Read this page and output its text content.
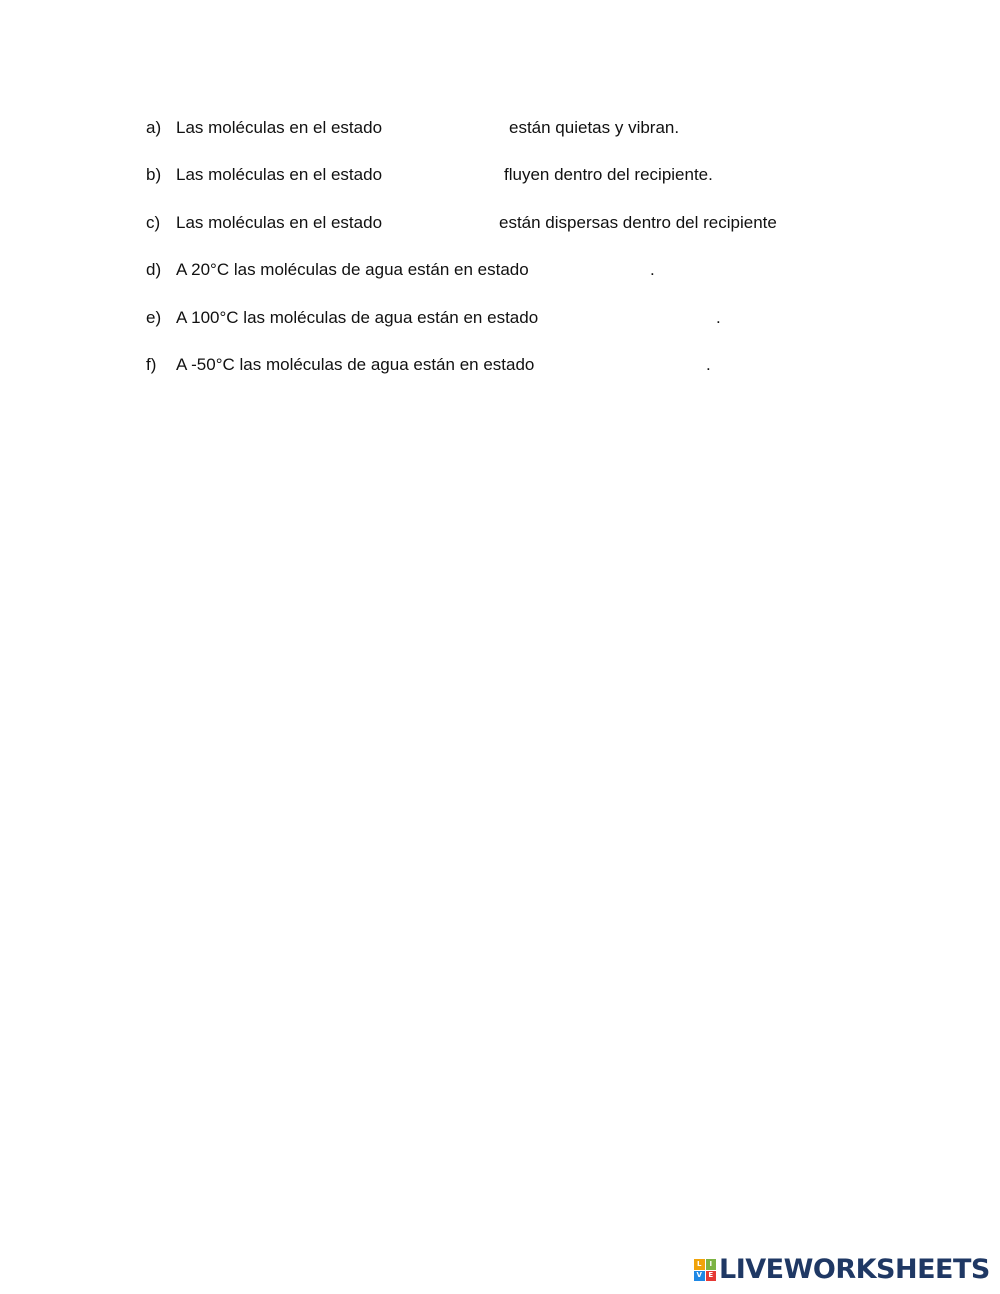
a) Las moléculas en el estado	están quietas y vibran.
b) Las moléculas en el estado	fluyen dentro del recipiente.
c) Las moléculas en el estado	están dispersas dentro del recipiente
d) A 20°C las moléculas de agua están en estado	.
e) A 100°C las moléculas de agua están en estado	.
f) A -50°C las moléculas de agua están en estado	.
L	I
V E LIVEWORKSHEETS
